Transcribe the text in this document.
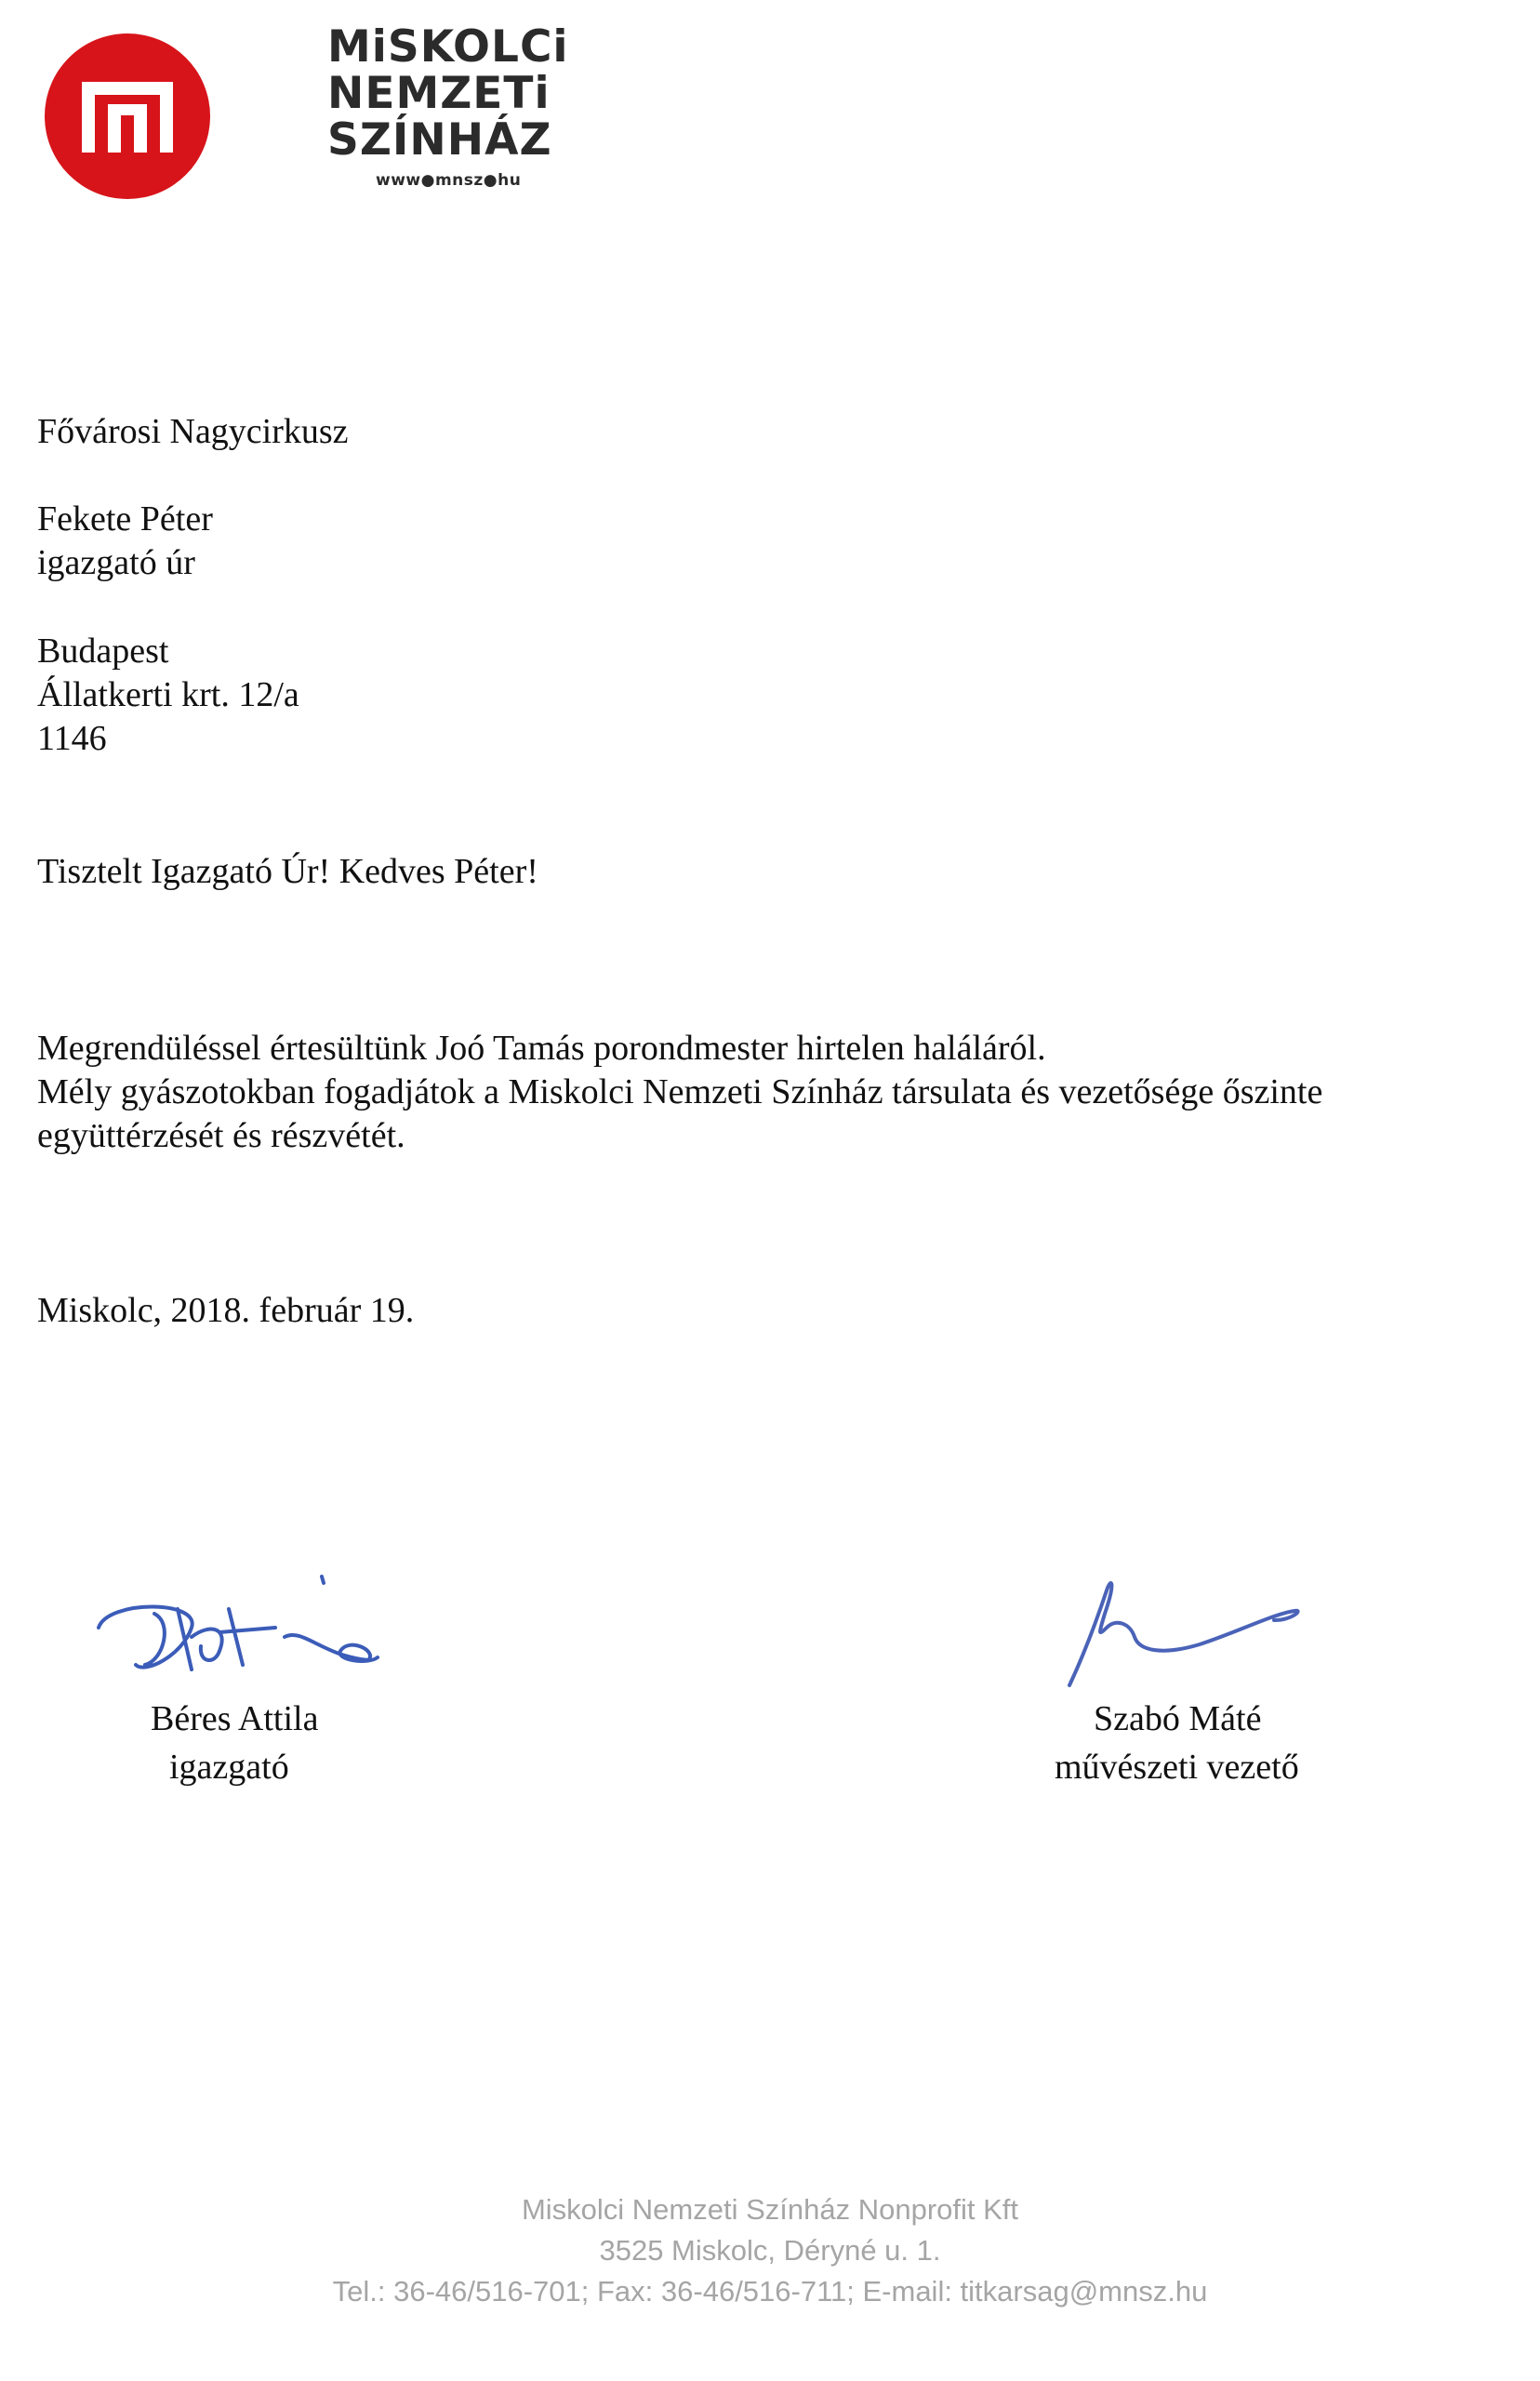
MiSKOLCi
NEMZETi
SZÍNHÁZ
www●mnsz●hu
Fővárosi Nagycirkusz
Fekete Péter
igazgató úr
Budapest
Állatkerti krt. 12/a
1146
Tisztelt Igazgató Úr! Kedves Péter!
Megrendüléssel értesültünk Joó Tamás porondmester hirtelen haláláról.
Mély gyászotokban fogadjátok a Miskolci Nemzeti Színház társulata és vezetősége őszinte
együttérzését és részvétét.
Miskolc, 2018. február 19.
Béres Attila
igazgató
Szabó Máté
művészeti vezető
Miskolci Nemzeti Színház Nonprofit Kft
3525 Miskolc, Déryné u. 1.
Tel.: 36-46/516-701; Fax: 36-46/516-711; E-mail: titkarsag@mnsz.hu
